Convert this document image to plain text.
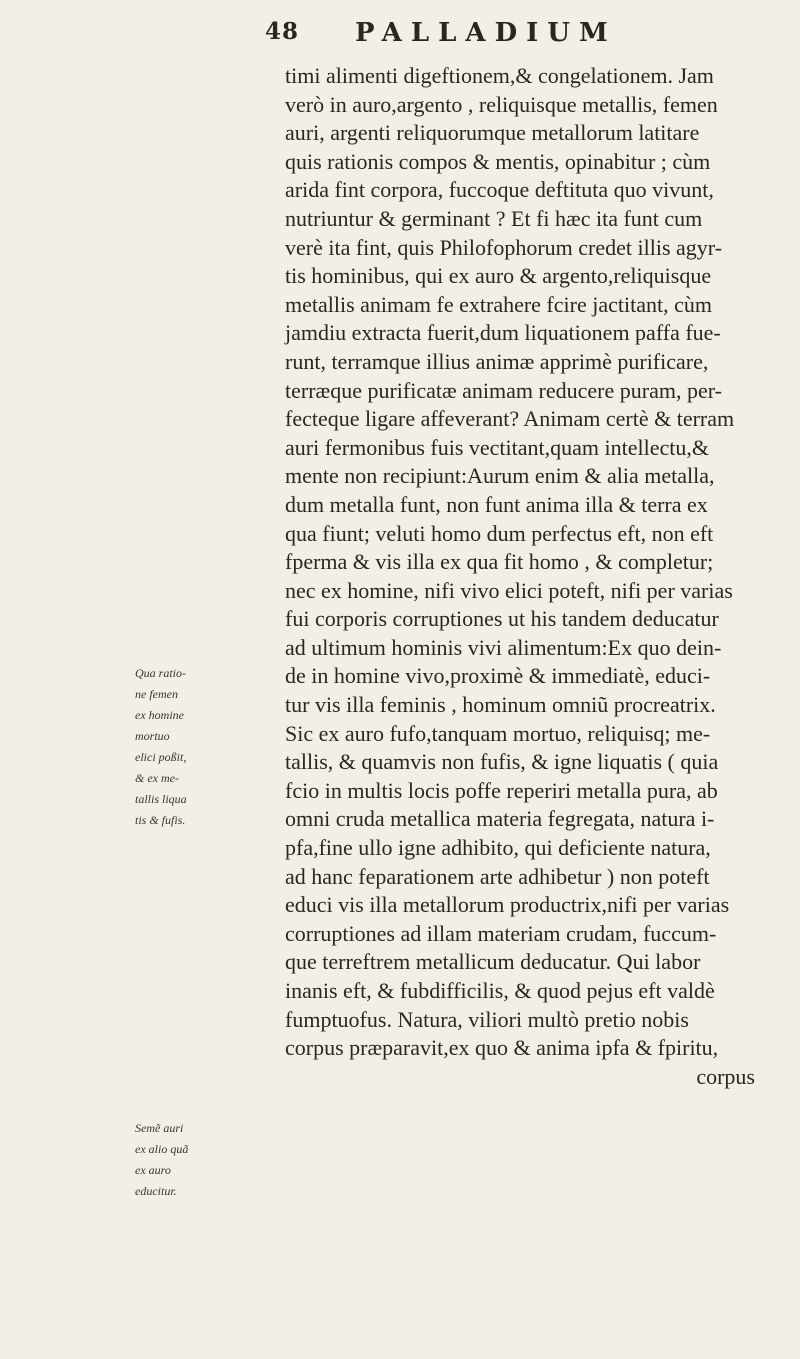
48 PALLADIUM
Qua ratio-
ne femen
ex homine
mortuo
elici poßit,
& ex me-
tallis liqua
tis & fufis.
Semẽ auri
ex alio quã
ex auro
educitur.
timi alimenti digeftionem,& congelationem. Jam
verò in auro,argento , reliquisque metallis, femen
auri, argenti reliquorumque metallorum latitare
quis rationis compos & mentis, opinabitur ; cùm
arida fint corpora, fuccoque deftituta quo vivunt,
nutriuntur & germinant ? Et fi hæc ita funt cum
verè ita fint, quis Philofophorum credet illis agyr-
tis hominibus, qui ex auro & argento,reliquisque
metallis animam fe extrahere fcire jactitant, cùm
jamdiu extracta fuerit,dum liquationem paffa fue-
runt, terramque illius animæ apprimè purificare,
terræque purificatæ animam reducere puram, per-
fecteque ligare affeverant? Animam certè & terram
auri fermonibus fuis vectitant,quam intellectu,&
mente non recipiunt:Aurum enim & alia metalla,
dum metalla funt, non funt anima illa & terra ex
qua fiunt; veluti homo dum perfectus eft, non eft
fperma & vis illa ex qua fit homo , & completur;
nec ex homine, nifi vivo elici poteft, nifi per varias
fui corporis corruptiones ut his tandem deducatur
ad ultimum hominis vivi alimentum:Ex quo dein-
de in homine vivo,proximè & immediatè, educi-
tur vis illa feminis , hominum omniũ procreatrix.
Sic ex auro fufo,tanquam mortuo, reliquisq; me-
tallis, & quamvis non fufis, & igne liquatis ( quia
fcio in multis locis poffe reperiri metalla pura, ab
omni cruda metallica materia fegregata, natura i-
pfa,fine ullo igne adhibito, qui deficiente natura,
ad hanc feparationem arte adhibetur ) non poteft
educi vis illa metallorum productrix,nifi per varias
corruptiones ad illam materiam crudam, fuccum-
que terreftrem metallicum deducatur. Qui labor
inanis eft, & fubdifficilis, & quod pejus eft valdè
fumptuofus. Natura, viliori multò pretio nobis
corpus præparavit,ex quo & anima ipfa & fpiritu,
corpus
